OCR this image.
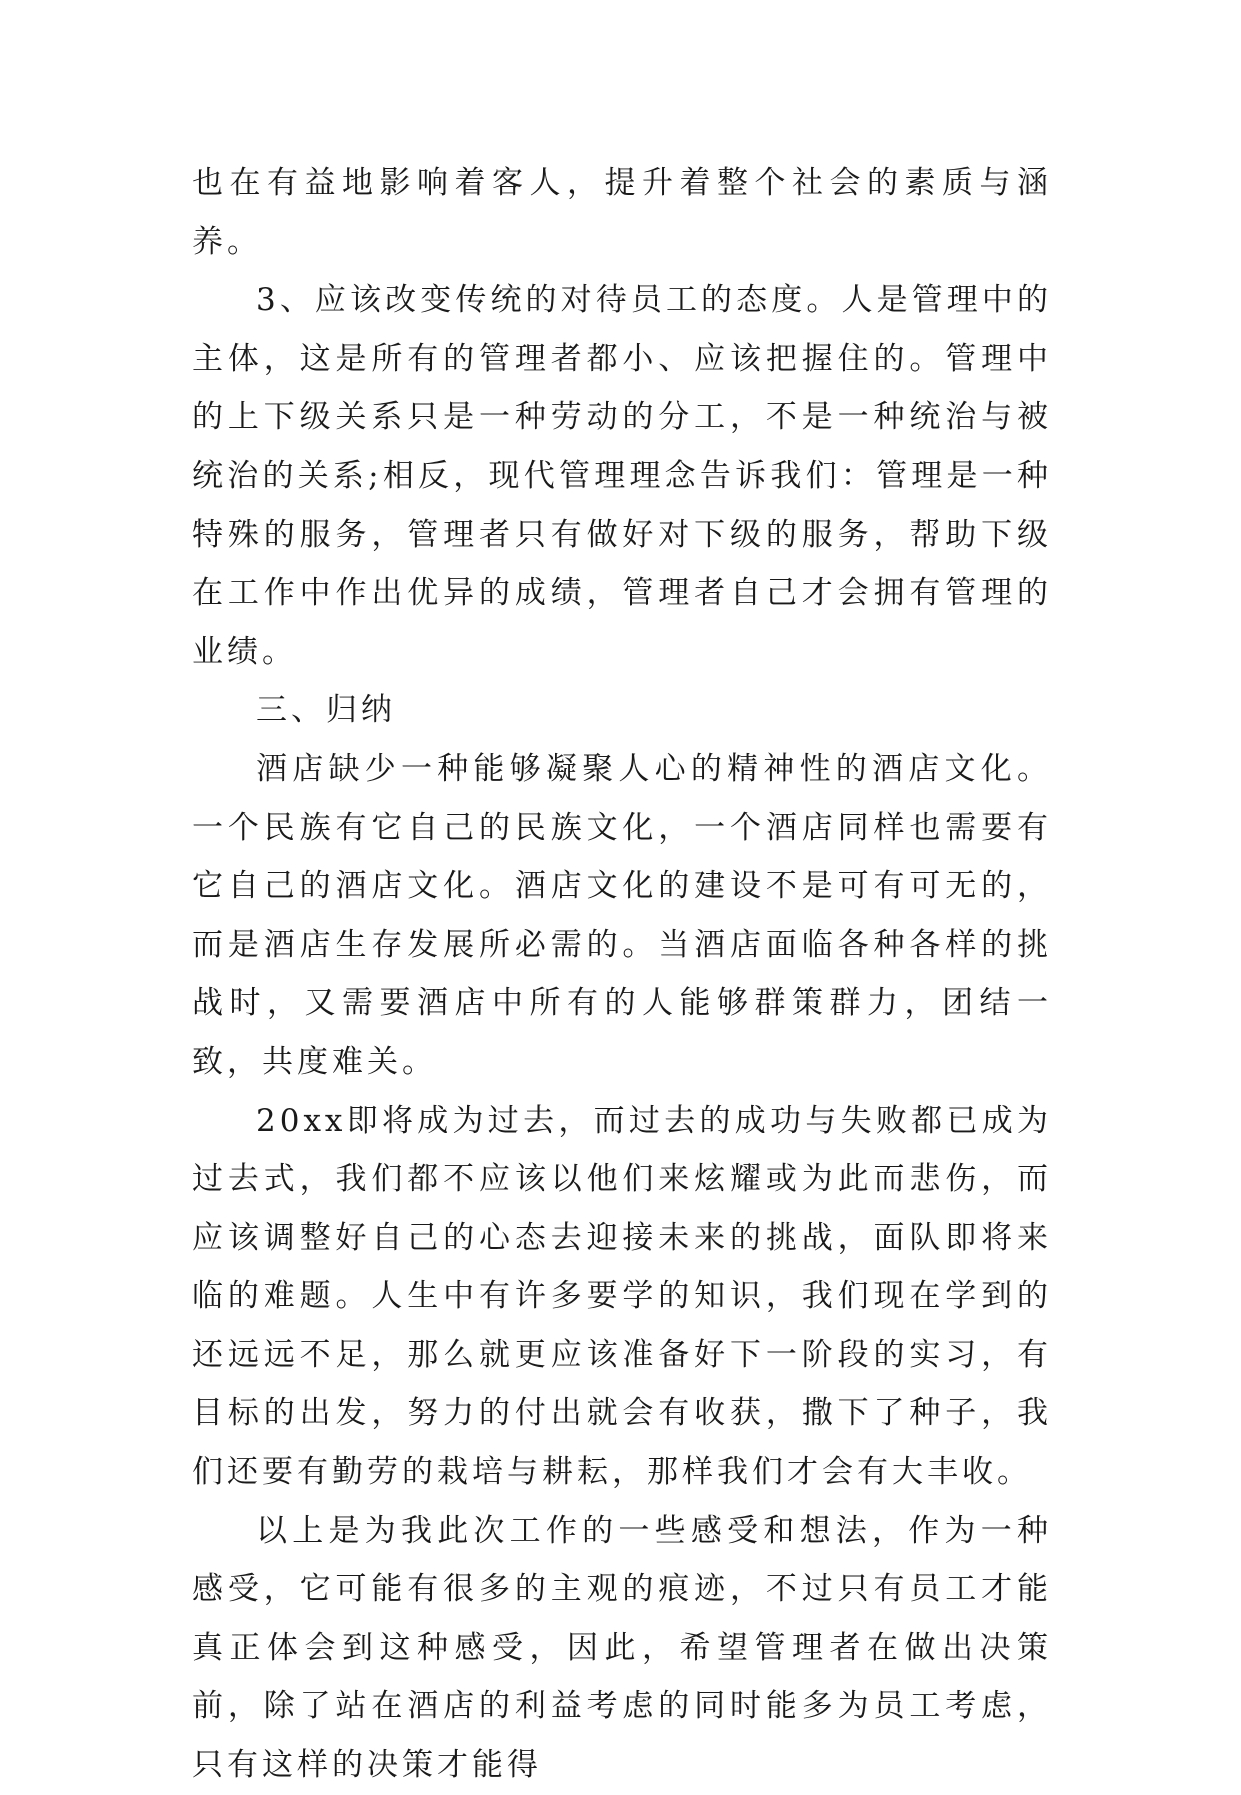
也在有益地影响着客人，提升着整个社会的素质与涵养。

3、应该改变传统的对待员工的态度。人是管理中的主体，这是所有的管理者都小、应该把握住的。管理中的上下级关系只是一种劳动的分工，不是一种统治与被统治的关系;相反，现代管理理念告诉我们：管理是一种特殊的服务，管理者只有做好对下级的服务，帮助下级在工作中作出优异的成绩，管理者自己才会拥有管理的业绩。

三、归纳

酒店缺少一种能够凝聚人心的精神性的酒店文化。一个民族有它自己的民族文化，一个酒店同样也需要有它自己的酒店文化。酒店文化的建设不是可有可无的，而是酒店生存发展所必需的。当酒店面临各种各样的挑战时，又需要酒店中所有的人能够群策群力，团结一致，共度难关。

20xx即将成为过去，而过去的成功与失败都已成为过去式，我们都不应该以他们来炫耀或为此而悲伤，而应该调整好自己的心态去迎接未来的挑战，面队即将来临的难题。人生中有许多要学的知识，我们现在学到的还远远不足，那么就更应该准备好下一阶段的实习，有目标的出发，努力的付出就会有收获，撒下了种子，我们还要有勤劳的栽培与耕耘，那样我们才会有大丰收。

以上是为我此次工作的一些感受和想法，作为一种感受，它可能有很多的主观的痕迹，不过只有员工才能真正体会到这种感受，因此，希望管理者在做出决策前，除了站在酒店的利益考虑的同时能多为员工考虑，只有这样的决策才能得
